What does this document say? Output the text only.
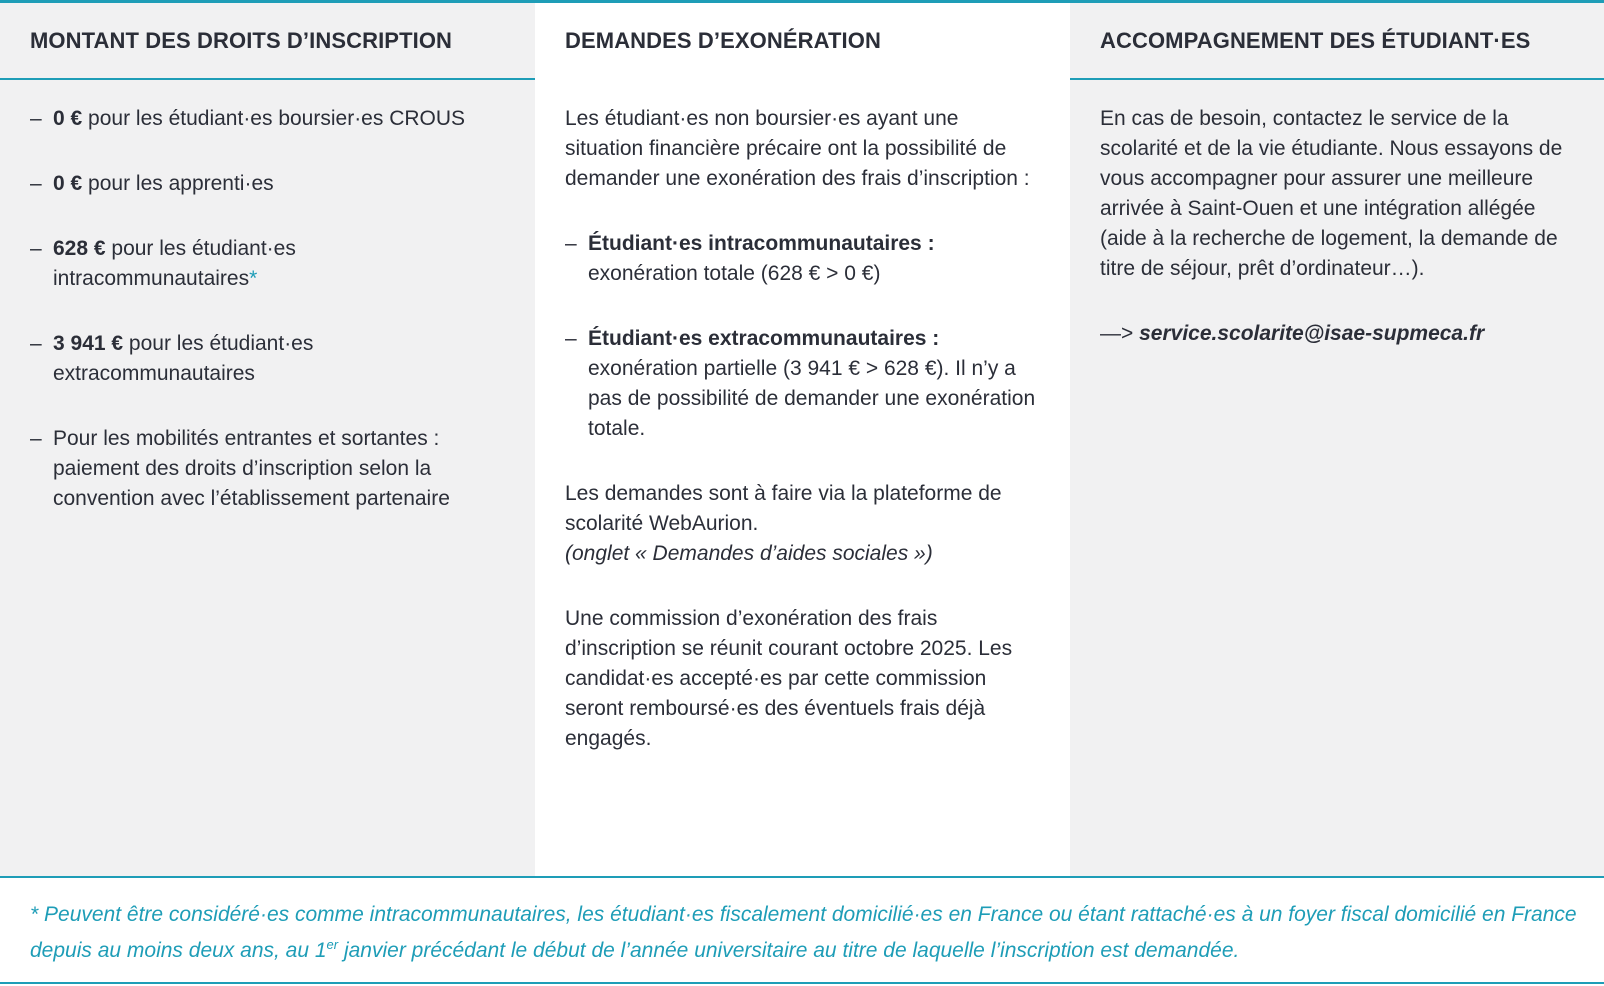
MONTANT DES DROITS D’INSCRIPTION
– 0 € pour les étudiant·es boursier·es CROUS
– 0 € pour les apprenti·es
– 628 € pour les étudiant·es intracommunautaires*
– 3 941 € pour les étudiant·es extracommunautaires
– Pour les mobilités entrantes et sortantes : paiement des droits d’inscription selon la convention avec l’établissement partenaire
DEMANDES D’EXONÉRATION

Les étudiant·es non boursier·es ayant une situation financière précaire ont la possibilité de demander une exonération des frais d’inscription :

– Étudiant·es intracommunautaires :
exonération totale (628 € > 0 €)
– Étudiant·es extracommunautaires :
exonération partielle (3 941 € > 628 €). Il n’y a pas de possibilité de demander une exonération totale.

Les demandes sont à faire via la plateforme de scolarité WebAurion.
(onglet « Demandes d’aides sociales »)

Une commission d’exonération des frais d’inscription se réunit courant octobre 2025. Les candidat·es accepté·es par cette commission seront remboursé·es des éventuels frais déjà engagés.

ACCOMPAGNEMENT DES ÉTUDIANT·ES

En cas de besoin, contactez le service de la scolarité et de la vie étudiante. Nous essayons de vous accompagner pour assurer une meilleure arrivée à Saint-Ouen et une intégration allégée (aide à la recherche de logement, la demande de titre de séjour, prêt d’ordinateur…).

—> service.scolarite@isae-supmeca.fr

* Peuvent être considéré·es comme intracommunautaires, les étudiant·es fiscalement domicilié·es en France ou étant rattaché·es à un foyer fiscal domicilié en France depuis au moins deux ans, au 1er janvier précédant le début de l’année universitaire au titre de laquelle l’inscription est demandée.
